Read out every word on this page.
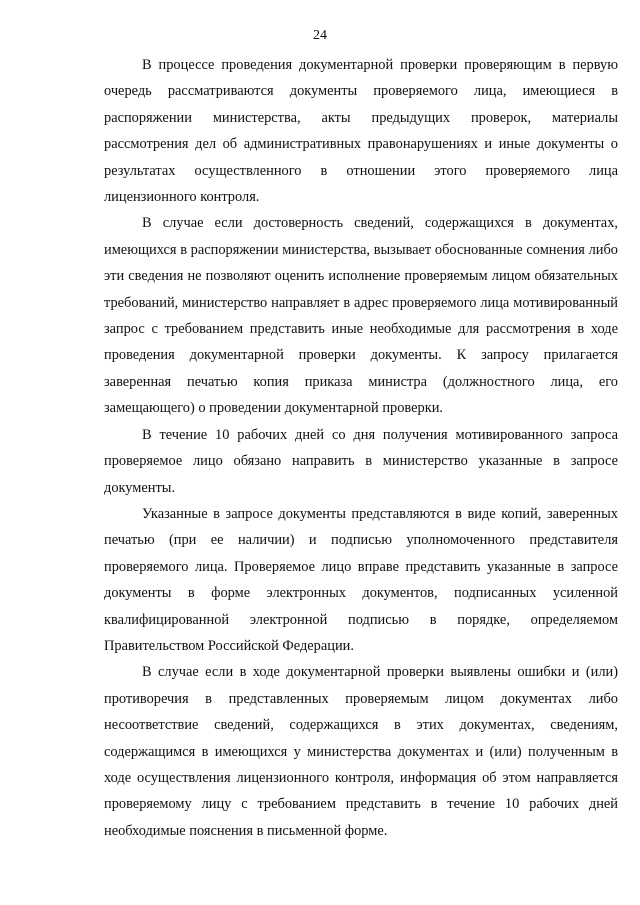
24

В процессе проведения документарной проверки проверяющим в первую очередь рассматриваются документы проверяемого лица, имеющиеся в распоряжении министерства, акты предыдущих проверок, материалы рассмотрения дел об административных правонарушениях и иные документы о результатах осуществленного в отношении этого проверяемого лица лицензионного контроля.

В случае если достоверность сведений, содержащихся в документах, имеющихся в распоряжении министерства, вызывает обоснованные сомнения либо эти сведения не позволяют оценить исполнение проверяемым лицом обязательных требований, министерство направляет в адрес проверяемого лица мотивированный запрос с требованием представить иные необходимые для рассмотрения в ходе проведения документарной проверки документы. К запросу прилагается заверенная печатью копия приказа министра (должностного лица, его замещающего) о проведении документарной проверки.

В течение 10 рабочих дней со дня получения мотивированного запроса проверяемое лицо обязано направить в министерство указанные в запросе документы.

Указанные в запросе документы представляются в виде копий, заверенных печатью (при ее наличии) и подписью уполномоченного представителя проверяемого лица. Проверяемое лицо вправе представить указанные в запросе документы в форме электронных документов, подписанных усиленной квалифицированной электронной подписью в порядке, определяемом Правительством Российской Федерации.

В случае если в ходе документарной проверки выявлены ошибки и (или) противоречия в представленных проверяемым лицом документах либо несоответствие сведений, содержащихся в этих документах, сведениям, содержащимся в имеющихся у министерства документах и (или) полученным в ходе осуществления лицензионного контроля, информация об этом направляется проверяемому лицу с требованием представить в течение 10 рабочих дней необходимые пояснения в письменной форме.
